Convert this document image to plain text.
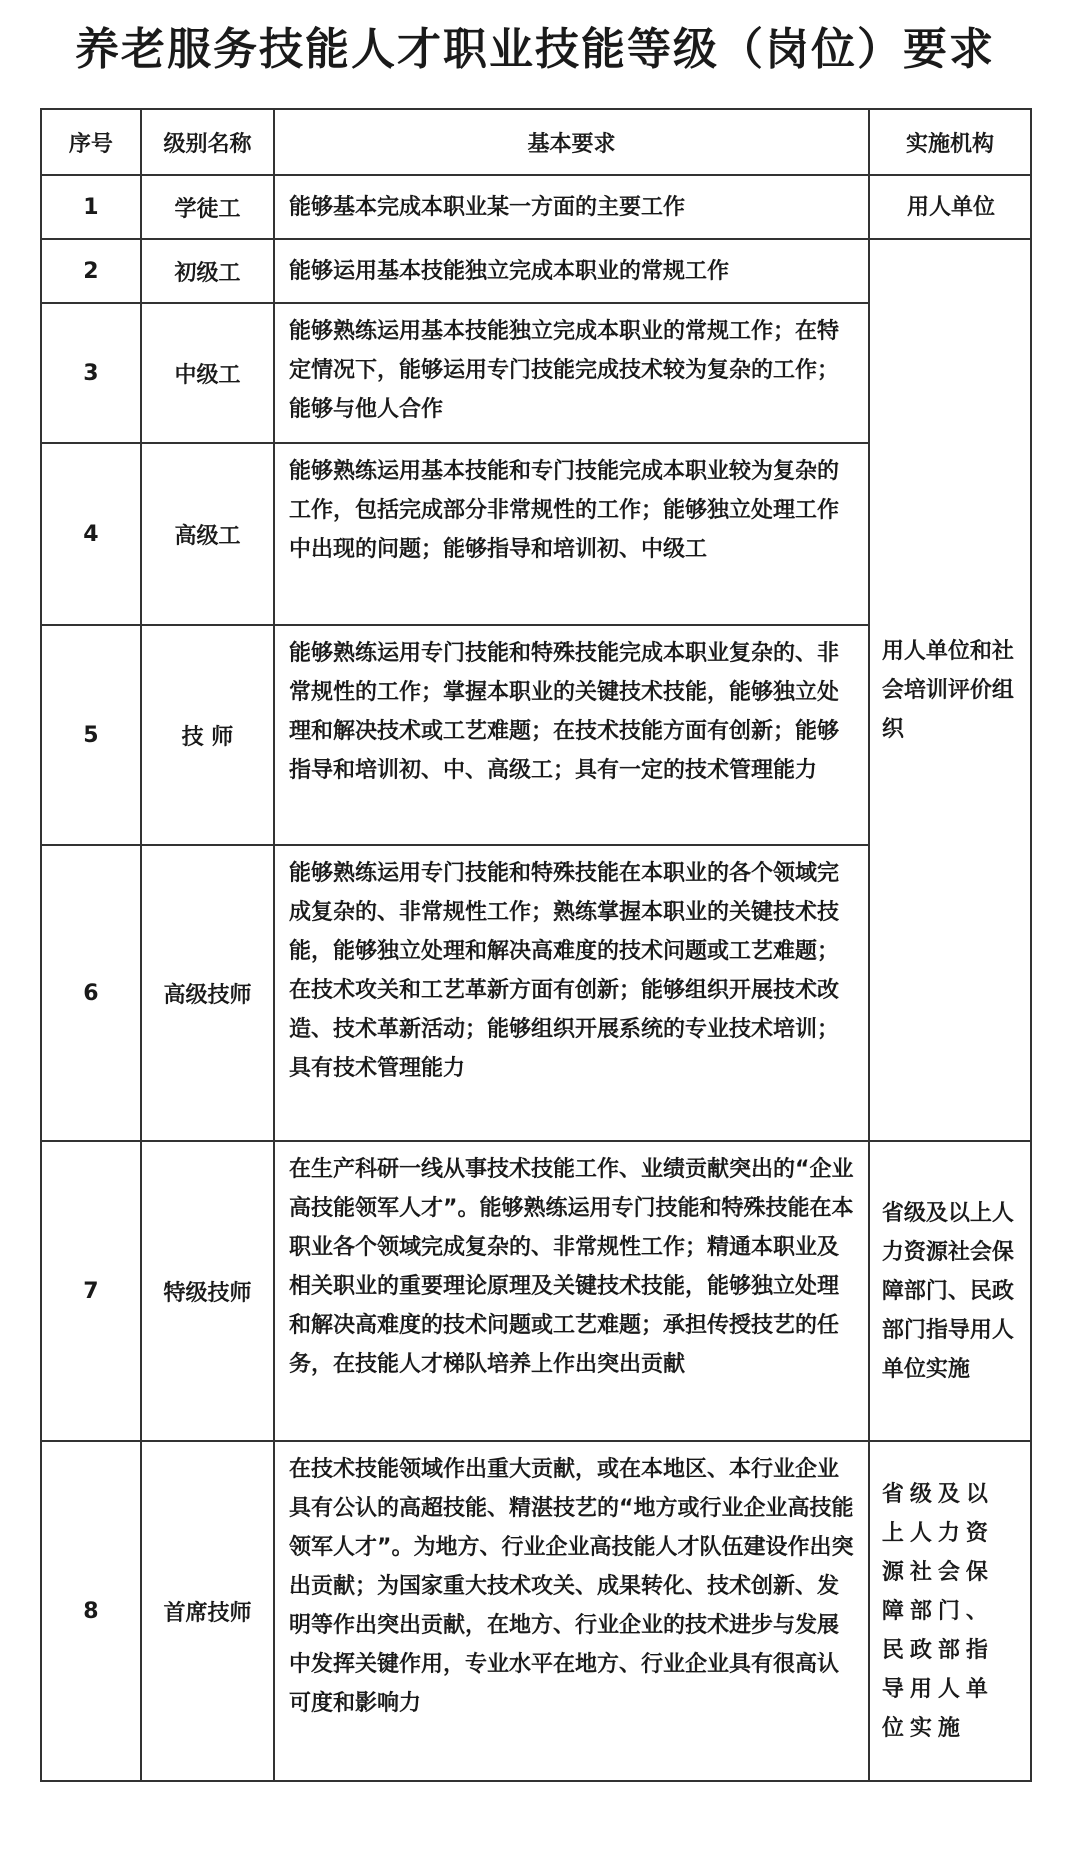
养老服务技能人才职业技能等级（岗位）要求
序号	级别名称	基本要求	实施机构
1	学徒工	能够基本完成本职业某一方面的主要工作	用人单位
2	初级工	能够运用基本技能独立完成本职业的常规工作	用人单位和社会培训评价组织
3	中级工	能够熟练运用基本技能独立完成本职业的常规工作；在特定情况下，能够运用专门技能完成技术较为复杂的工作；能够与他人合作	
4	高级工	能够熟练运用基本技能和专门技能完成本职业较为复杂的工作，包括完成部分非常规性的工作；能够独立处理工作中出现的问题；能够指导和培训初、中级工	
5	技 师	能够熟练运用专门技能和特殊技能完成本职业复杂的、非常规性的工作；掌握本职业的关键技术技能，能够独立处理和解决技术或工艺难题；在技术技能方面有创新；能够指导和培训初、中、高级工；具有一定的技术管理能力	
6	高级技师	能够熟练运用专门技能和特殊技能在本职业的各个领域完成复杂的、非常规性工作；熟练掌握本职业的关键技术技能，能够独立处理和解决高难度的技术问题或工艺难题；在技术攻关和工艺革新方面有创新；能够组织开展技术改造、技术革新活动；能够组织开展系统的专业技术培训；具有技术管理能力	
7	特级技师	在生产科研一线从事技术技能工作、业绩贡献突出的“企业高技能领军人才”。能够熟练运用专门技能和特殊技能在本职业各个领域完成复杂的、非常规性工作；精通本职业及相关职业的重要理论原理及关键技术技能，能够独立处理和解决高难度的技术问题或工艺难题；承担传授技艺的任务，在技能人才梯队培养上作出突出贡献	省级及以上人力资源社会保障部门、民政部门指导用人单位实施
8	首席技师	在技术技能领域作出重大贡献，或在本地区、本行业企业具有公认的高超技能、精湛技艺的“地方或行业企业高技能领军人才”。为地方、行业企业高技能人才队伍建设作出突出贡献；为国家重大技术攻关、成果转化、技术创新、发明等作出突出贡献，在地方、行业企业的技术进步与发展中发挥关键作用，专业水平在地方、行业企业具有很高认可度和影响力	省级及以上人力资源社会保障部门、民政部指导用人单位实施
